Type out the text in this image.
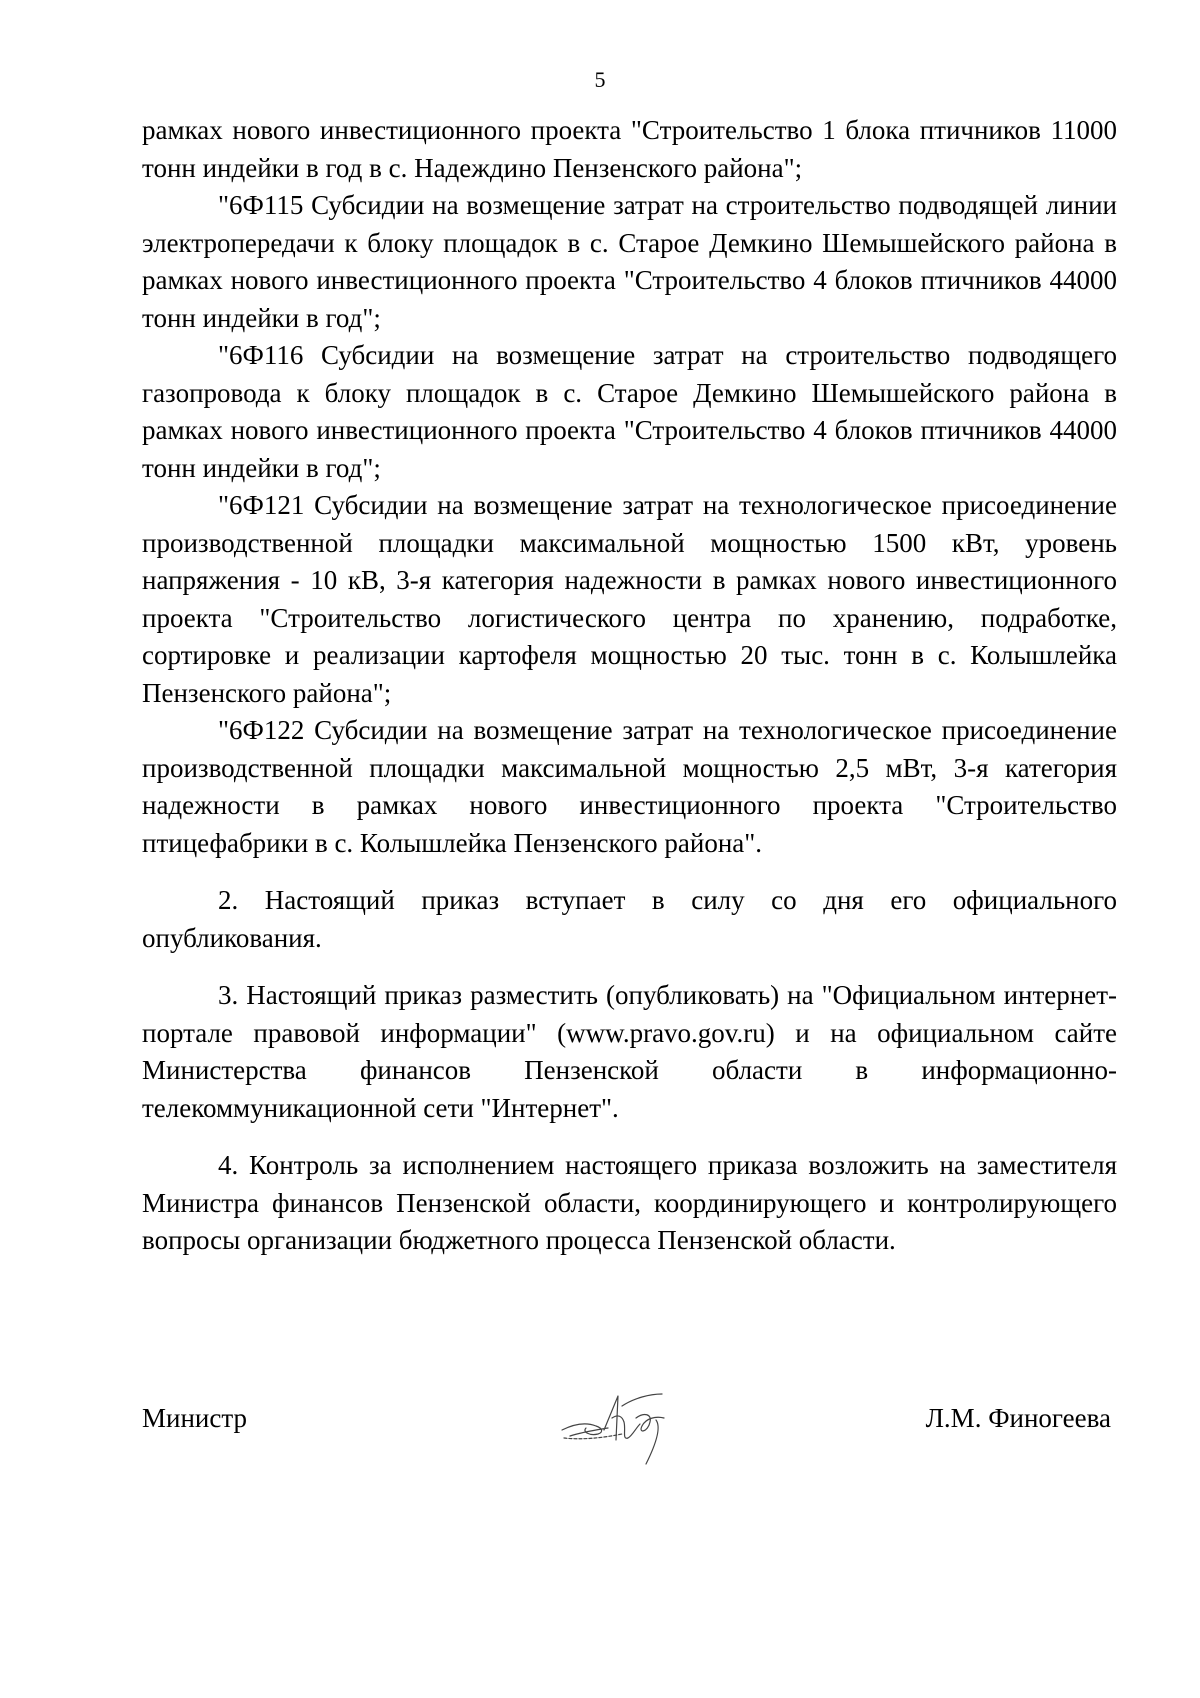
5

рамках нового инвестиционного проекта "Строительство 1 блока птичников 11000 тонн индейки в год в с. Надеждино Пензенского района";

"6Ф115 Субсидии на возмещение затрат на строительство подводящей линии электропередачи к блоку площадок в с. Старое Демкино Шемышейского района в рамках нового инвестиционного проекта "Строительство 4 блоков птичников 44000 тонн индейки в год";

"6Ф116 Субсидии на возмещение затрат на строительство подводящего газопровода к блоку площадок в с. Старое Демкино Шемышейского района в рамках нового инвестиционного проекта "Строительство 4 блоков птичников 44000 тонн индейки в год";

"6Ф121 Субсидии на возмещение затрат на технологическое присоединение производственной площадки максимальной мощностью 1500 кВт, уровень напряжения - 10 кВ, 3-я категория надежности в рамках нового инвестиционного проекта "Строительство логистического центра по хранению, подработке, сортировке и реализации картофеля мощностью 20 тыс. тонн в с. Колышлейка Пензенского района";

"6Ф122 Субсидии на возмещение затрат на технологическое присоединение производственной площадки максимальной мощностью 2,5 мВт, 3-я категория надежности в рамках нового инвестиционного проекта "Строительство птицефабрики в с. Колышлейка Пензенского района".

2. Настоящий приказ вступает в силу со дня его официального опубликования.

3. Настоящий приказ разместить (опубликовать) на "Официальном интернет-портале правовой информации" (www.pravo.gov.ru) и на официальном сайте Министерства финансов Пензенской области в информационно-телекоммуникационной сети "Интернет".

4. Контроль за исполнением настоящего приказа возложить на заместителя Министра финансов Пензенской области, координирующего и контролирующего вопросы организации бюджетного процесса Пензенской области.

Министр	Л.М. Финогеева
